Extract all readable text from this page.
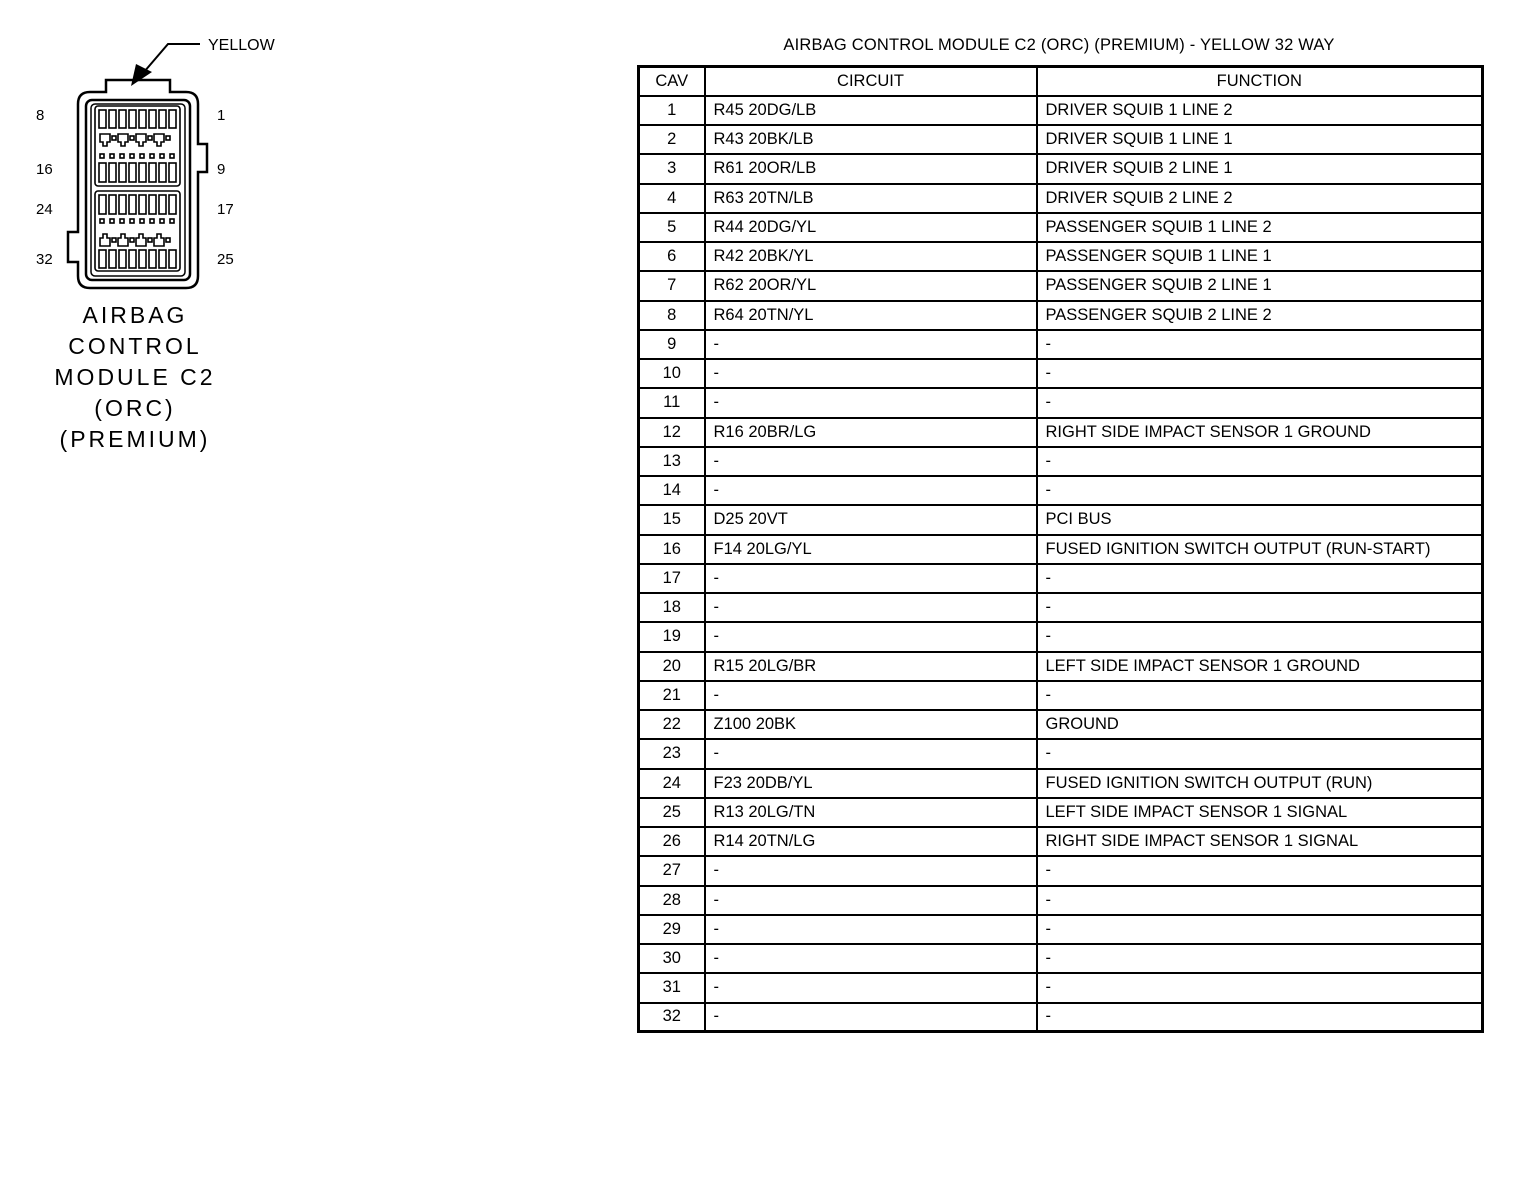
YELLOW
8	1
16	9
24	17
32	25
AIRBAG
CONTROL
MODULE C2
(ORC)
(PREMIUM)
AIRBAG CONTROL MODULE C2 (ORC) (PREMIUM) - YELLOW 32 WAY
CAV	CIRCUIT	FUNCTION
1	R45 20DG/LB	DRIVER SQUIB 1 LINE 2
2	R43 20BK/LB	DRIVER SQUIB 1 LINE 1
3	R61 20OR/LB	DRIVER SQUIB 2 LINE 1
4	R63 20TN/LB	DRIVER SQUIB 2 LINE 2
5	R44 20DG/YL	PASSENGER SQUIB 1 LINE 2
6	R42 20BK/YL	PASSENGER SQUIB 1 LINE 1
7	R62 20OR/YL	PASSENGER SQUIB 2 LINE 1
8	R64 20TN/YL	PASSENGER SQUIB 2 LINE 2
9	-	-
10	-	-
11	-	-
12	R16 20BR/LG	RIGHT SIDE IMPACT SENSOR 1 GROUND
13	-	-
14	-	-
15	D25 20VT	PCI BUS
16	F14 20LG/YL	FUSED IGNITION SWITCH OUTPUT (RUN-START)
17	-	-
18	-	-
19	-	-
20	R15 20LG/BR	LEFT SIDE IMPACT SENSOR 1 GROUND
21	-	-
22	Z100 20BK	GROUND
23	-	-
24	F23 20DB/YL	FUSED IGNITION SWITCH OUTPUT (RUN)
25	R13 20LG/TN	LEFT SIDE IMPACT SENSOR 1 SIGNAL
26	R14 20TN/LG	RIGHT SIDE IMPACT SENSOR 1 SIGNAL
27	-	-
28	-	-
29	-	-
30	-	-
31	-	-
32	-	-
